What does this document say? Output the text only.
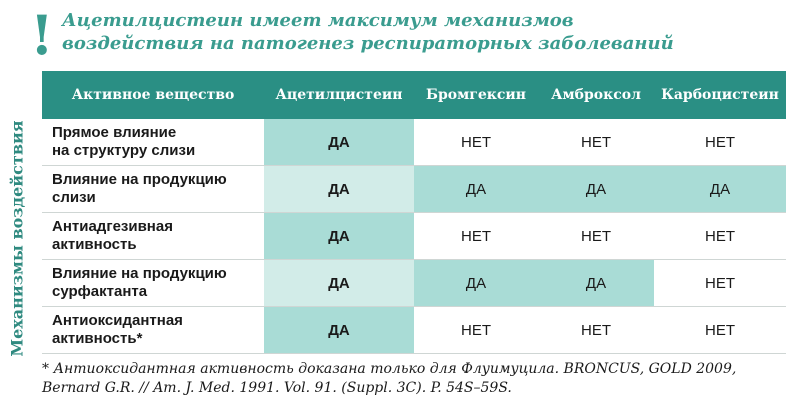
! Ацетилцистеин имеет максимум механизмов
воздействия на патогенез респираторных заболеваний
Механизмы воздействия
Активное вещество	Ацетилцистеин	Бромгексин	Амброксол	Карбоцистеин

Прямое влияние
на структуру слизи	ДА	НЕТ	НЕТ	НЕТ

Влияние на продукцию
слизи	ДА	ДА	ДА	ДА

Антиадгезивная
активность	ДА	НЕТ	НЕТ	НЕТ

Влияние на продукцию
сурфактанта	ДА	ДА	ДА	НЕТ

Антиоксидантная
активность*	ДА	НЕТ	НЕТ	НЕТ
* Антиоксидантная активность доказана только для Флуимуцила. BRONCUS, GOLD 2009,
Bernard G.R. // Am. J. Med. 1991. Vol. 91. (Suppl. 3C). P. 54S–59S.
